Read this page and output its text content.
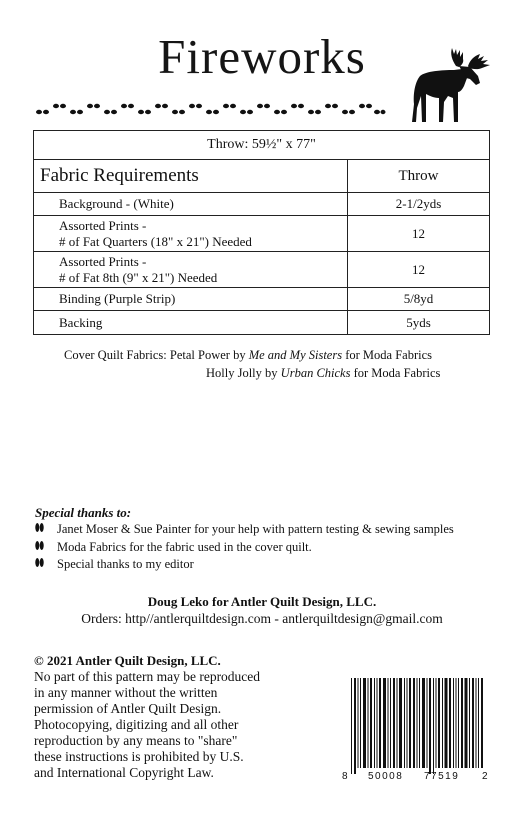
Fireworks
Throw: 59½" x 77"	
Fabric Requirements	Throw
Background - (White)	2-1/2yds
Assorted Prints -
# of Fat Quarters (18" x 21") Needed	12
Assorted Prints -
# of Fat 8th (9" x 21") Needed	12
Binding (Purple Strip)	5/8yd
Backing	5yds
Cover Quilt Fabrics: Petal Power by Me and My Sisters for Moda Fabrics
Holly Jolly by Urban Chicks for Moda Fabrics
Special thanks to:
Janet Moser & Sue Painter for your help with pattern testing & sewing samples
Moda Fabrics for the fabric used in the cover quilt.
Special thanks to my editor
Doug Leko for Antler Quilt Design, LLC.
Orders: http//antlerquiltdesign.com - antlerquiltdesign@gmail.com
© 2021 Antler Quilt Design, LLC.
No part of this pattern may be reproduced
in any manner without the written
permission of Antler Quilt Design.
Photocopying, digitizing and all other
reproduction by any means to "share"
these instructions is prohibited by U.S.
and International Copyright Law.	8 50008 77519 2
